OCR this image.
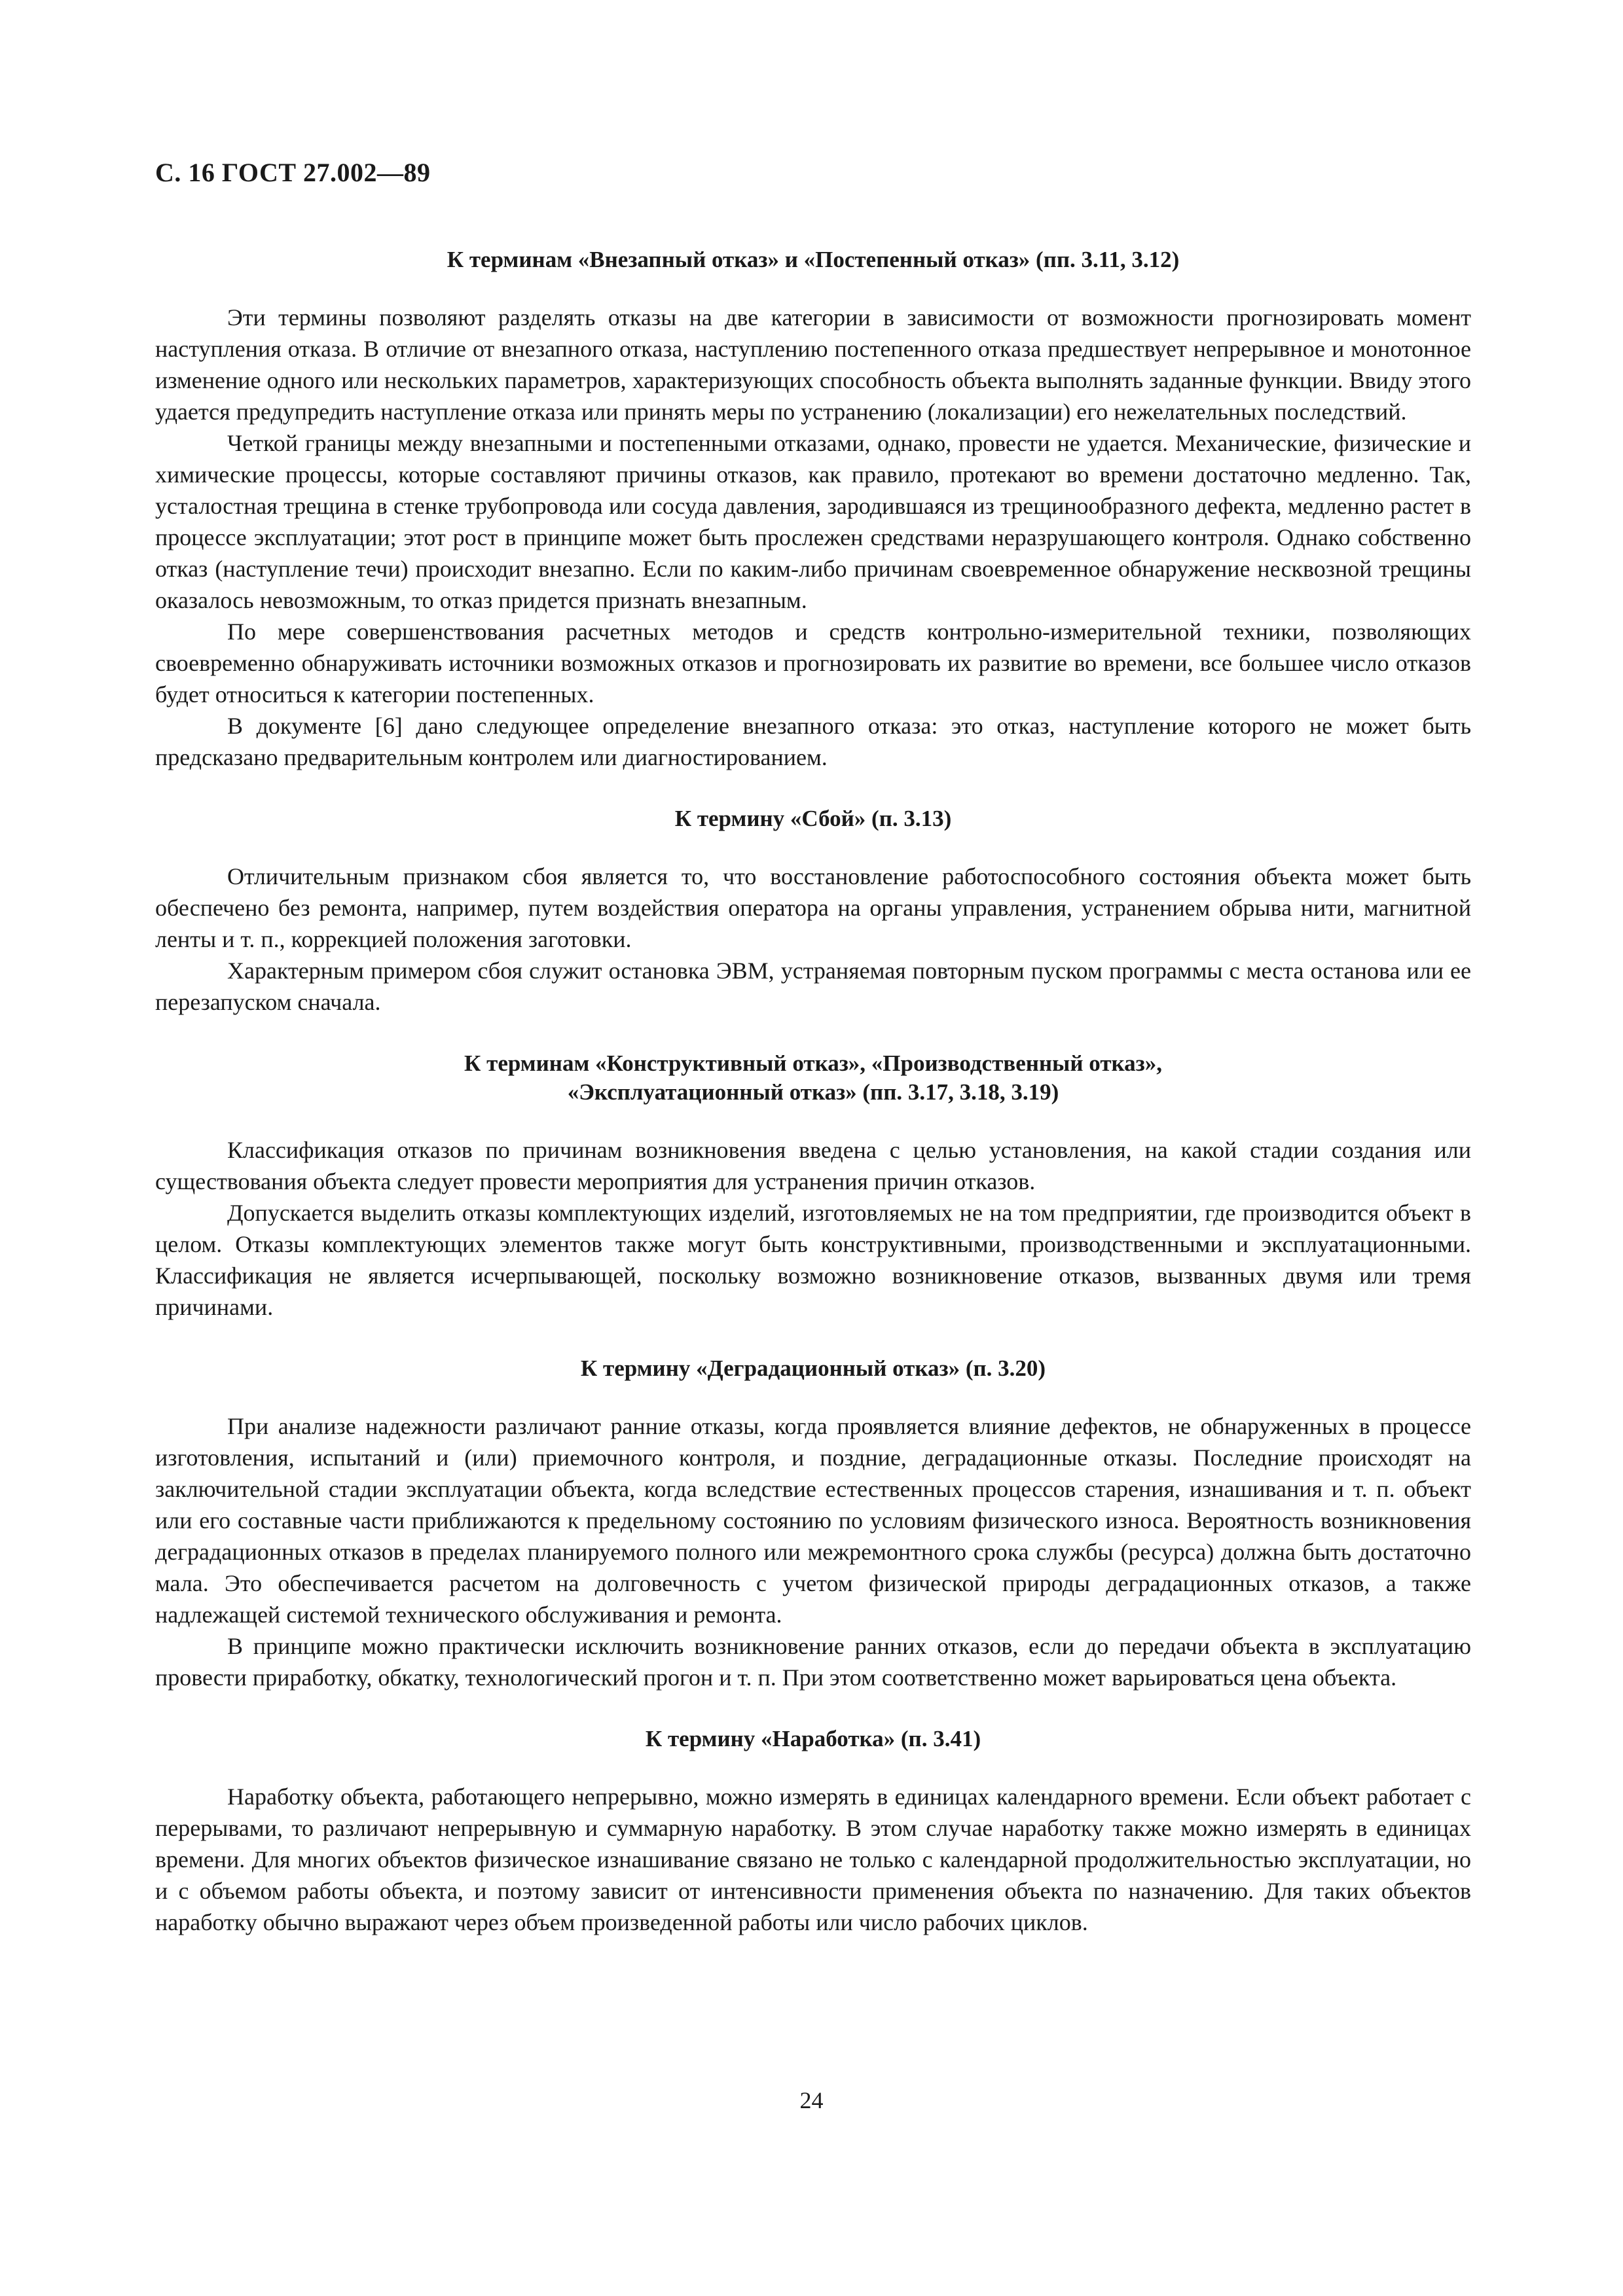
С. 16 ГОСТ 27.002—89
К терминам «Внезапный отказ» и «Постепенный отказ» (пп. 3.11, 3.12)

Эти термины позволяют разделять отказы на две категории в зависимости от возможности прогнозировать момент наступления отказа. В отличие от внезапного отказа, наступлению постепенного отказа предшествует непрерывное и монотонное изменение одного или нескольких параметров, характеризующих способность объекта выполнять заданные функции. Ввиду этого удается предупредить наступление отказа или принять меры по устранению (локализации) его нежелательных последствий.

Четкой границы между внезапными и постепенными отказами, однако, провести не удается. Механические, физические и химические процессы, которые составляют причины отказов, как правило, протекают во времени достаточно медленно. Так, усталостная трещина в стенке трубопровода или сосуда давления, зародившаяся из трещинообразного дефекта, медленно растет в процессе эксплуатации; этот рост в принципе может быть прослежен средствами неразрушающего контроля. Однако собственно отказ (наступление течи) происходит внезапно. Если по каким-либо причинам своевременное обнаружение несквозной трещины оказалось невозможным, то отказ придется признать внезапным.

По мере совершенствования расчетных методов и средств контрольно-измерительной техники, позволяющих своевременно обнаруживать источники возможных отказов и прогнозировать их развитие во времени, все большее число отказов будет относиться к категории постепенных.

В документе [6] дано следующее определение внезапного отказа: это отказ, наступление которого не может быть предсказано предварительным контролем или диагностированием.

К термину «Сбой» (п. 3.13)

Отличительным признаком сбоя является то, что восстановление работоспособного состояния объекта может быть обеспечено без ремонта, например, путем воздействия оператора на органы управления, устранением обрыва нити, магнитной ленты и т. п., коррекцией положения заготовки.

Характерным примером сбоя служит остановка ЭВМ, устраняемая повторным пуском программы с места останова или ее перезапуском сначала.

К терминам «Конструктивный отказ», «Производственный отказ»,
«Эксплуатационный отказ» (пп. 3.17, 3.18, 3.19)

Классификация отказов по причинам возникновения введена с целью установления, на какой стадии создания или существования объекта следует провести мероприятия для устранения причин отказов.

Допускается выделить отказы комплектующих изделий, изготовляемых не на том предприятии, где производится объект в целом. Отказы комплектующих элементов также могут быть конструктивными, производственными и эксплуатационными. Классификация не является исчерпывающей, поскольку возможно возникновение отказов, вызванных двумя или тремя причинами.

К термину «Деградационный отказ» (п. 3.20)

При анализе надежности различают ранние отказы, когда проявляется влияние дефектов, не обнаруженных в процессе изготовления, испытаний и (или) приемочного контроля, и поздние, деградационные отказы. Последние происходят на заключительной стадии эксплуатации объекта, когда вследствие естественных процессов старения, изнашивания и т. п. объект или его составные части приближаются к предельному состоянию по условиям физического износа. Вероятность возникновения деградационных отказов в пределах планируемого полного или межремонтного срока службы (ресурса) должна быть достаточно мала. Это обеспечивается расчетом на долговечность с учетом физической природы деградационных отказов, а также надлежащей системой технического обслуживания и ремонта.

В принципе можно практически исключить возникновение ранних отказов, если до передачи объекта в эксплуатацию провести приработку, обкатку, технологический прогон и т. п. При этом соответственно может варьироваться цена объекта.

К термину «Наработка» (п. 3.41)

Наработку объекта, работающего непрерывно, можно измерять в единицах календарного времени. Если объект работает с перерывами, то различают непрерывную и суммарную наработку. В этом случае наработку также можно измерять в единицах времени. Для многих объектов физическое изнашивание связано не только с календарной продолжительностью эксплуатации, но и с объемом работы объекта, и поэтому зависит от интенсивности применения объекта по назначению. Для таких объектов наработку обычно выражают через объем произведенной работы или число рабочих циклов.

24
